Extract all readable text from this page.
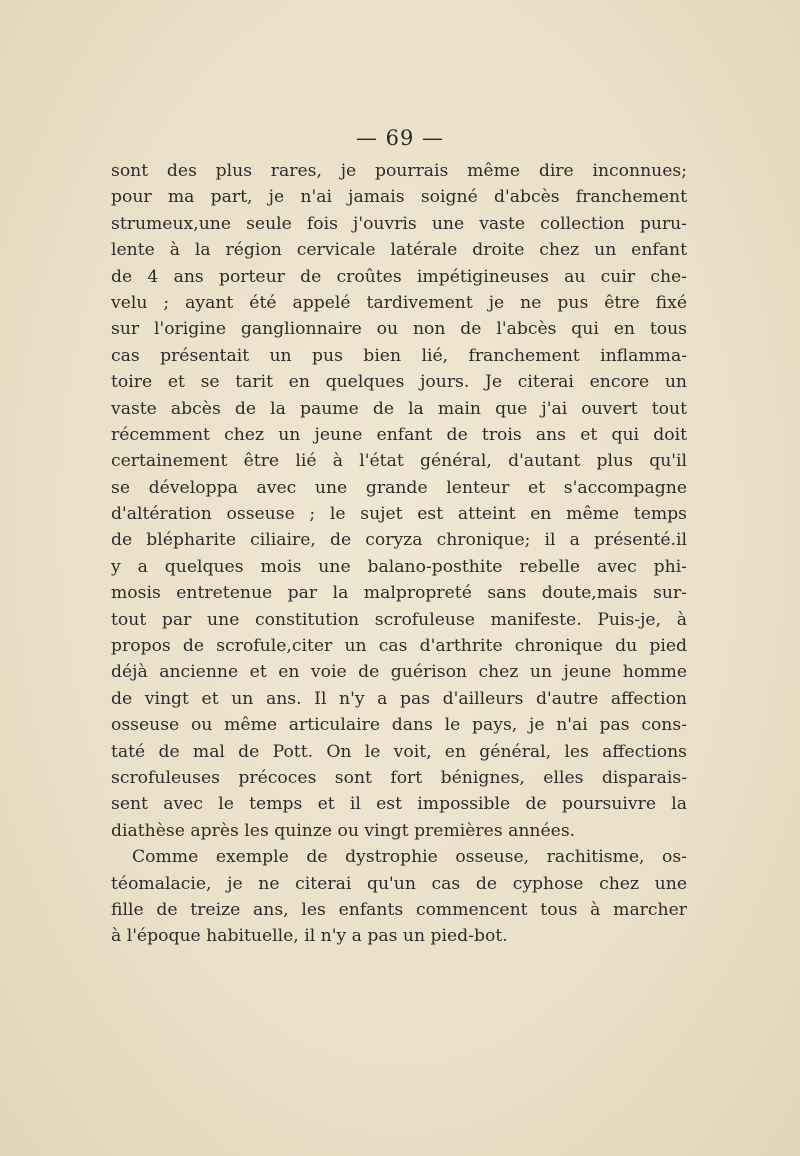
— 69 —
sont des plus rares, je pourrais même dire inconnues;
pour ma part, je n'ai jamais soigné d'abcès franchement
strumeux,une seule fois j'ouvris une vaste collection puru-
lente à la région cervicale latérale droite chez un enfant
de 4 ans porteur de croûtes impétigineuses au cuir che-
velu ; ayant été appelé tardivement je ne pus être fixé
sur l'origine ganglionnaire ou non de l'abcès qui en tous
cas présentait un pus bien lié, franchement inflamma-
toire et se tarit en quelques jours. Je citerai encore un
vaste abcès de la paume de la main que j'ai ouvert tout
récemment chez un jeune enfant de trois ans et qui doit
certainement être lié à l'état général, d'autant plus qu'il
se développa avec une grande lenteur et s'accompagne
d'altération osseuse ; le sujet est atteint en même temps
de blépharite ciliaire, de coryza chronique; il a présenté.il
y a quelques mois une balano-posthite rebelle avec phi-
mosis entretenue par la malpropreté sans doute,mais sur-
tout par une constitution scrofuleuse manifeste. Puis-je, à
propos de scrofule,citer un cas d'arthrite chronique du pied
déjà ancienne et en voie de guérison chez un jeune homme
de vingt et un ans. Il n'y a pas d'ailleurs d'autre affection
osseuse ou même articulaire dans le pays, je n'ai pas cons-
taté de mal de Pott. On le voit, en général, les affections
scrofuleuses précoces sont fort bénignes, elles disparais-
sent avec le temps et il est impossible de poursuivre la
diathèse après les quinze ou vingt premières années.
Comme exemple de dystrophie osseuse, rachitisme, os-
téomalacie, je ne citerai qu'un cas de cyphose chez une
fille de treize ans, les enfants commencent tous à marcher
à l'époque habituelle, il n'y a pas un pied-bot.
